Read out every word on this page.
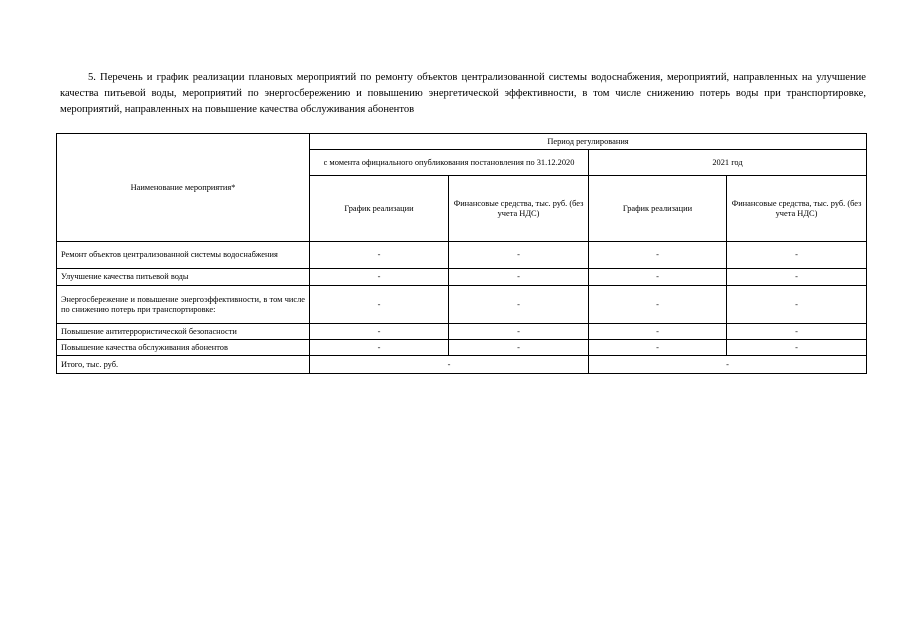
5. Перечень и график реализации плановых мероприятий по ремонту объектов централизованной системы водоснабжения, мероприятий, направленных на улучшение качества питьевой воды, мероприятий по энергосбережению и повышению энергетической эффективности, в том числе снижению потерь воды при транспортировке, мероприятий, направленных на повышение качества обслуживания абонентов

Наименование мероприятия*	Период регулирования			
	с момента официального опубликования постановления по 31.12.2020		2021 год	
	График реализации	Финансовые средства, тыс. руб. (без учета НДС)	График реализации	Финансовые средства, тыс. руб. (без учета НДС)
Ремонт объектов централизованной системы водоснабжения	-	-	-	-
Улучшение качества питьевой воды	-	-	-	-
Энергосбережение и повышение энергоэффективности, в том числе по снижению потерь при транспортировке:	-	-	-	-
Повышение антитеррористической безопасности	-	-	-	-
Повышение качества обслуживания абонентов	-	-	-	-
Итого, тыс. руб.	-		-	
